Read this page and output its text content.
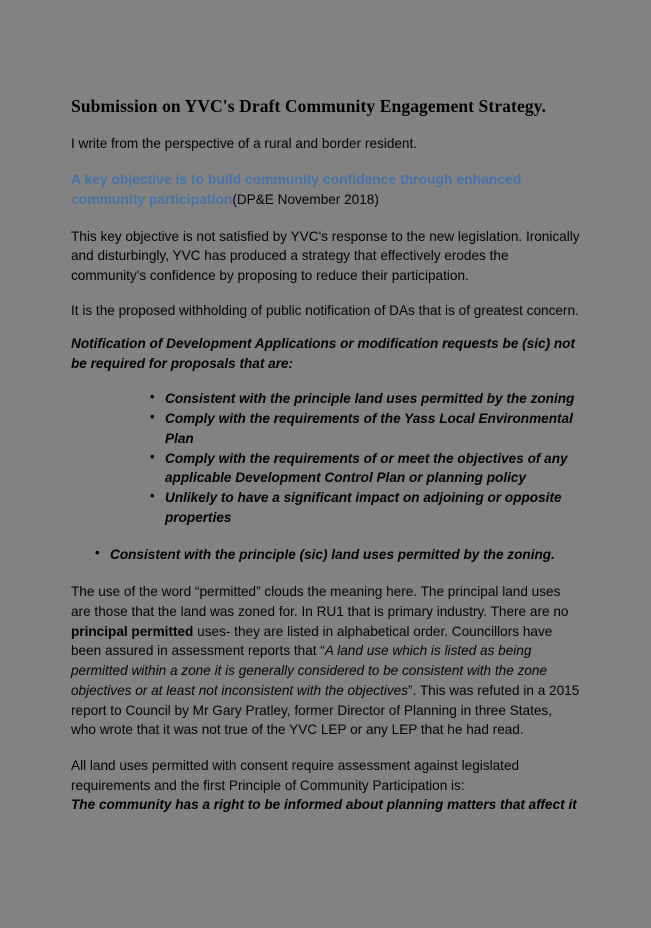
Submission on YVC's Draft Community Engagement Strategy.

I write from the perspective of a rural and border resident.

A key objective is to build community confidence through enhanced community participation(DP&E November 2018)

This key objective is not satisfied by YVC's response to the new legislation. Ironically and disturbingly, YVC has produced a strategy that effectively erodes the community's confidence by proposing to reduce their participation.

It is the proposed withholding of public notification of DAs that is of greatest concern.

Notification of Development Applications or modification requests be (sic) not be required for proposals that are:

• Consistent with the principle land uses permitted by the zoning
• Comply with the requirements of the Yass Local Environmental Plan
• Comply with the requirements of or meet the objectives of any applicable Development Control Plan or planning policy
• Unlikely to have a significant impact on adjoining or opposite properties
• Consistent with the principle (sic) land uses permitted by the zoning.

The use of the word “permitted” clouds the meaning here. The principal land uses are those that the land was zoned for. In RU1 that is primary industry. There are no principal permitted uses- they are listed in alphabetical order. Councillors have been assured in assessment reports that “A land use which is listed as being permitted within a zone it is generally considered to be consistent with the zone objectives or at least not inconsistent with the objectives”. This was refuted in a 2015 report to Council by Mr Gary Pratley, former Director of Planning in three States, who wrote that it was not true of the YVC LEP or any LEP that he had read.

All land uses permitted with consent require assessment against legislated requirements and the first Principle of Community Participation is:
The community has a right to be informed about planning matters that affect it
